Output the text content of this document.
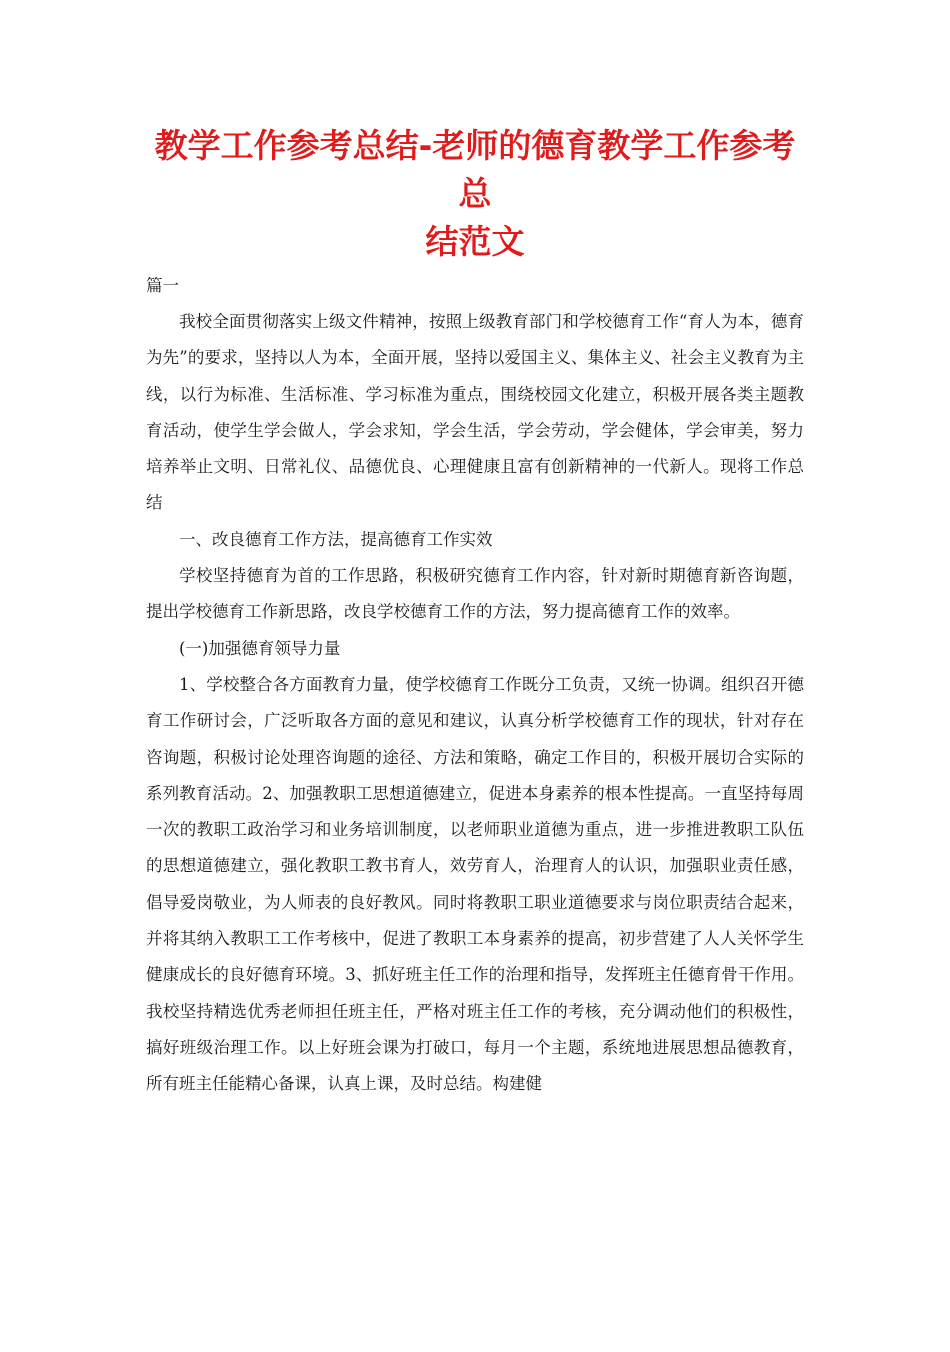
教学工作参考总结-老师的德育教学工作参考总
结范文
篇一

我校全面贯彻落实上级文件精神，按照上级教育部门和学校德育工作“育人为本，德育为先”的要求，坚持以人为本，全面开展，坚持以爱国主义、集体主义、社会主义教育为主线，以行为标准、生活标准、学习标准为重点，围绕校园文化建立，积极开展各类主题教育活动，使学生学会做人，学会求知，学会生活，学会劳动，学会健体，学会审美，努力培养举止文明、日常礼仪、品德优良、心理健康且富有创新精神的一代新人。现将工作总结

一、改良德育工作方法，提高德育工作实效

学校坚持德育为首的工作思路，积极研究德育工作内容，针对新时期德育新咨询题，提出学校德育工作新思路，改良学校德育工作的方法，努力提高德育工作的效率。

(一)加强德育领导力量

1、学校整合各方面教育力量，使学校德育工作既分工负责，又统一协调。组织召开德育工作研讨会，广泛听取各方面的意见和建议，认真分析学校德育工作的现状，针对存在咨询题，积极讨论处理咨询题的途径、方法和策略，确定工作目的，积极开展切合实际的系列教育活动。2、加强教职工思想道德建立，促进本身素养的根本性提高。一直坚持每周一次的教职工政治学习和业务培训制度，以老师职业道德为重点，进一步推进教职工队伍的思想道德建立，强化教职工教书育人，效劳育人，治理育人的认识，加强职业责任感，倡导爱岗敬业，为人师表的良好教风。同时将教职工职业道德要求与岗位职责结合起来，并将其纳入教职工工作考核中，促进了教职工本身素养的提高，初步营建了人人关怀学生健康成长的良好德育环境。3、抓好班主任工作的治理和指导，发挥班主任德育骨干作用。我校坚持精选优秀老师担任班主任，严格对班主任工作的考核，充分调动他们的积极性，搞好班级治理工作。以上好班会课为打破口，每月一个主题，系统地进展思想品德教育，所有班主任能精心备课，认真上课，及时总结。构建健
